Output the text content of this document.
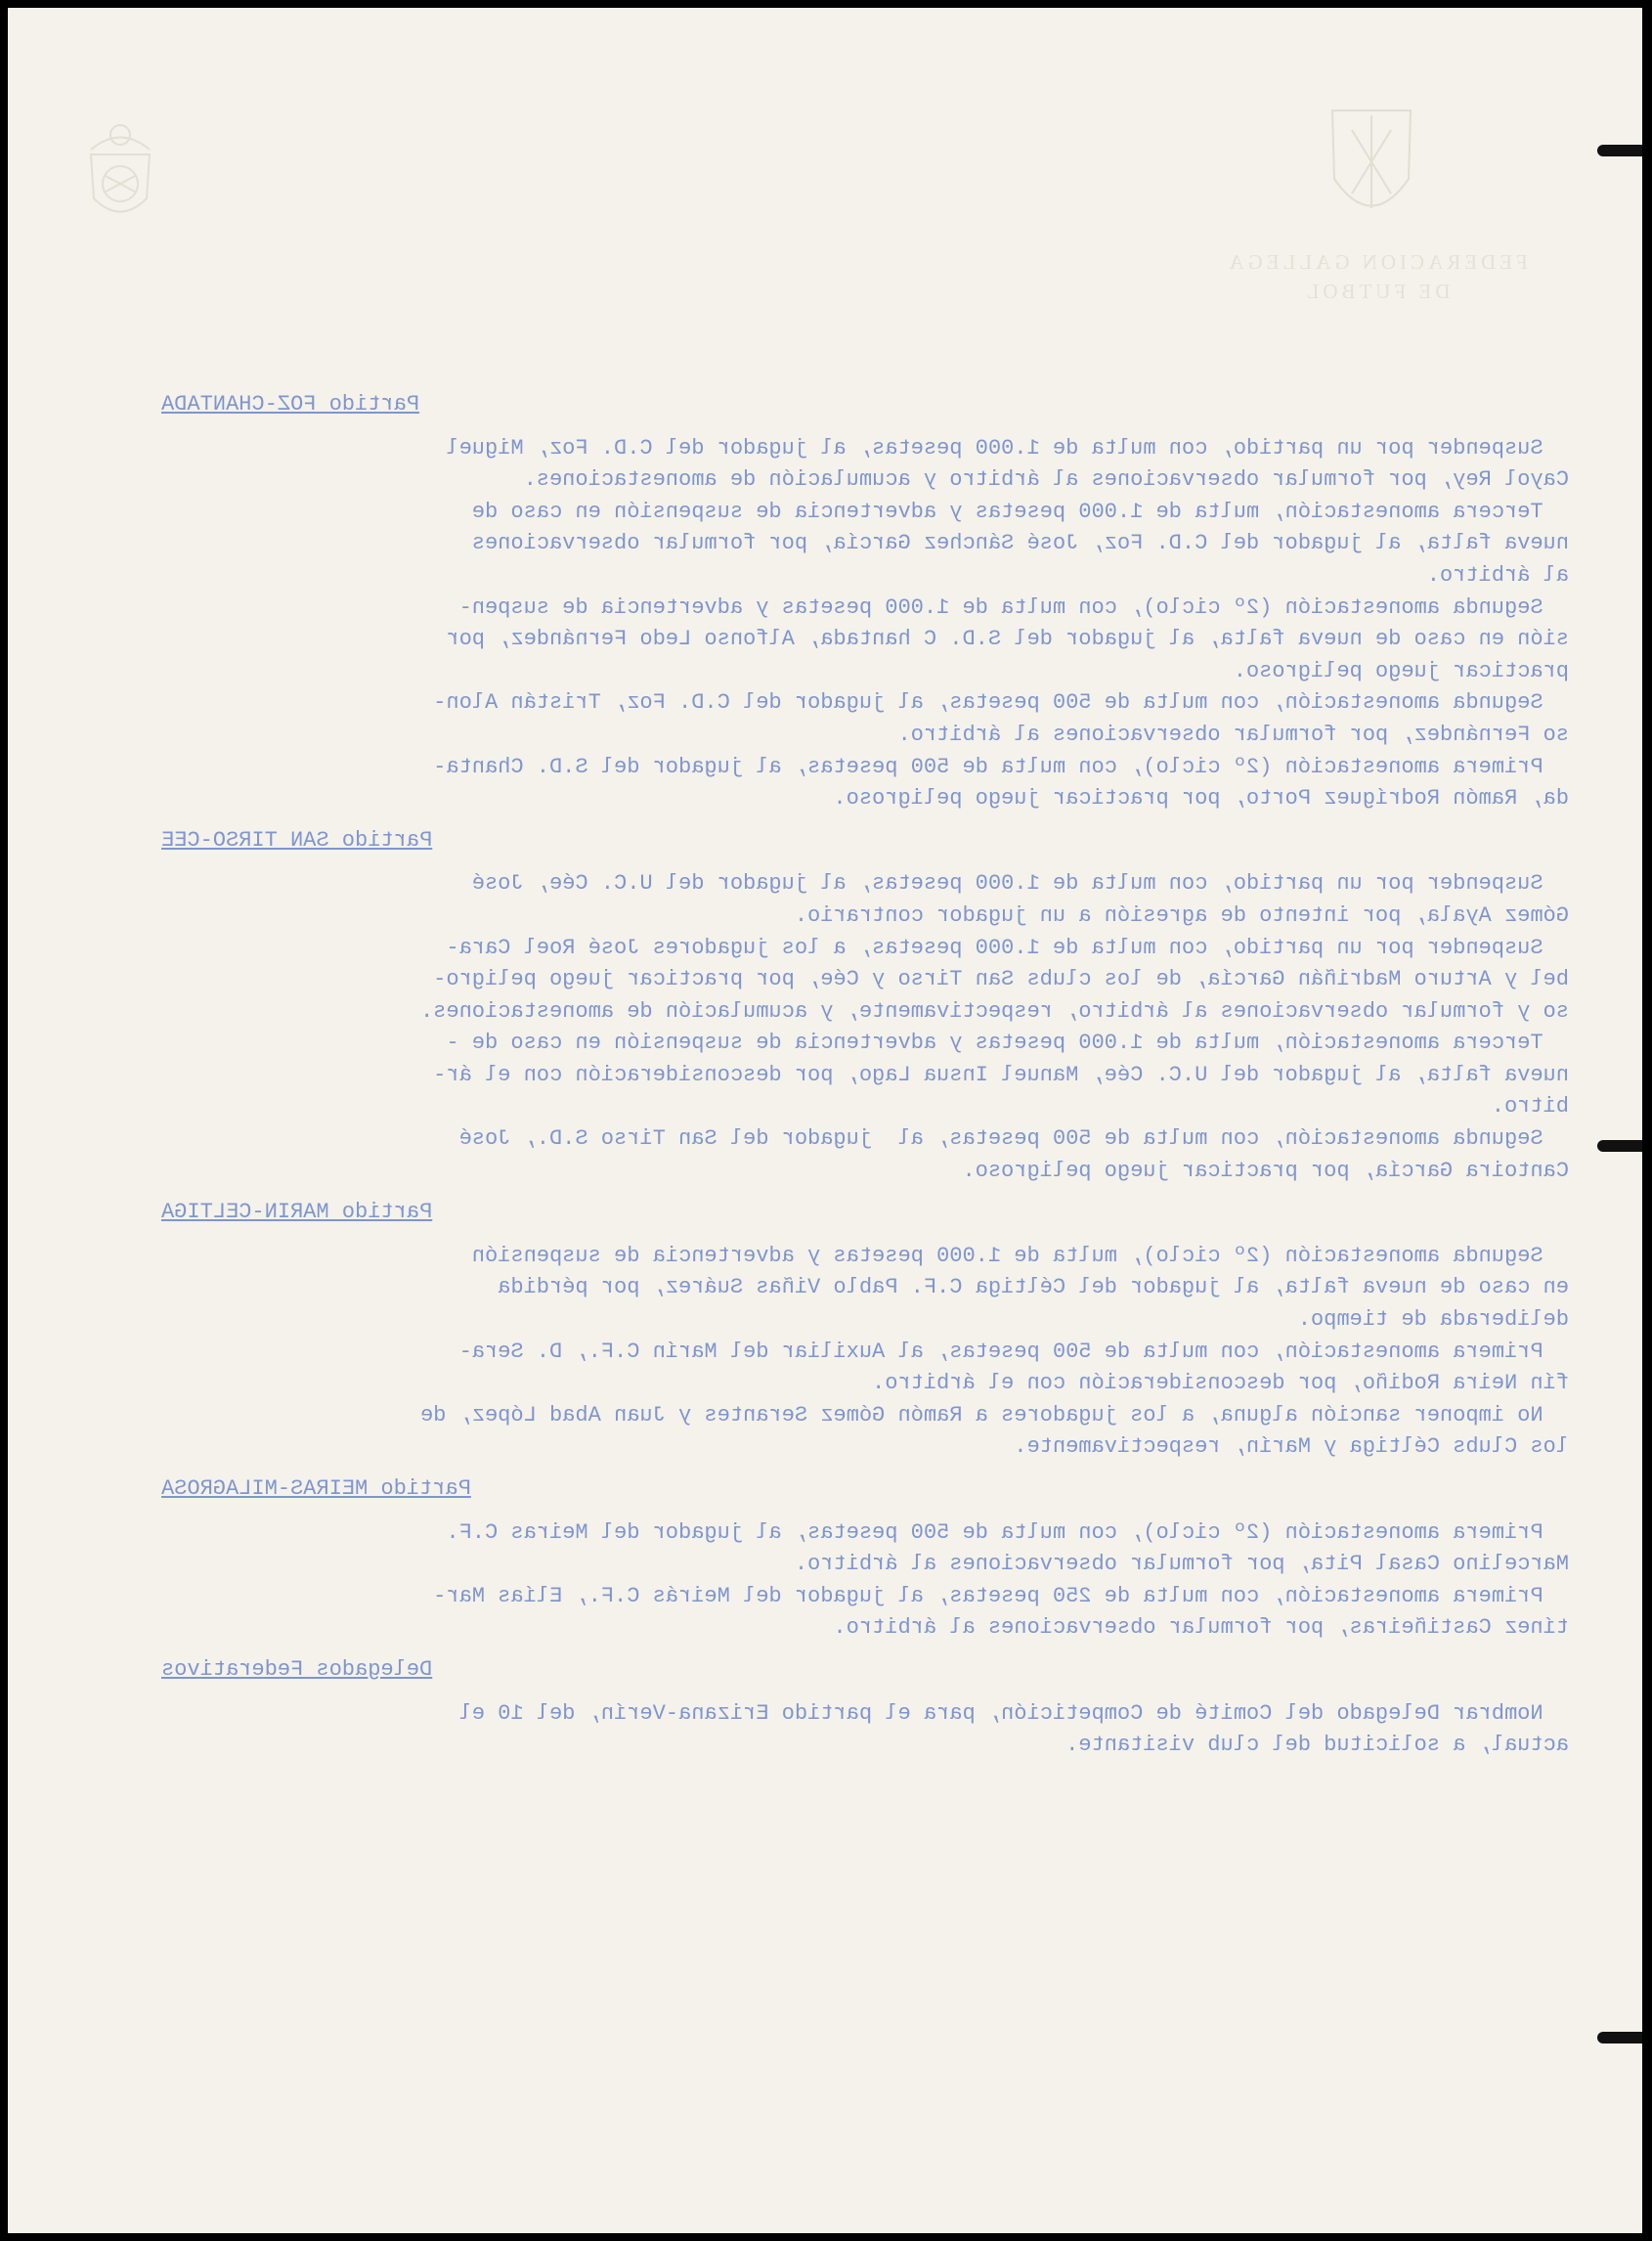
FEDERACION GALLEGA
DE FUTBOL
Partido FOZ-CHANTADA
Suspender por un partido, con multa de 1.000 pesetas, al jugador del C.D. Foz, Miguel
Cayol Rey, por formular observaciones al árbitro y acumulación de amonestaciones.
Tercera amonestación, multa de 1.000 pesetas y advertencia de suspensión en caso de
nueva falta, al jugador del C.D. Foz, José Sánchez García, por formular observaciones
al árbitro.
Segunda amonestación (2º ciclo), con multa de 1.000 pesetas y advertencia de suspen-
sión en caso de nueva falta, al jugador del S.D. C hantada, Alfonso Ledo Fernández, por
practicar juego peligroso.
Segunda amonestación, con multa de 500 pesetas, al jugador del C.D. Foz, Tristán Alon-
so Fernández, por formular observaciones al árbitro.
Primera amonestación (2º ciclo), con multa de 500 pesetas, al jugador del S.D. Chanta-
da, Ramón Rodríguez Porto, por practicar juego peligroso.
Partido SAN TIRSO-CEE
Suspender por un partido, con multa de 1.000 pesetas, al jugador del U.C. Cée, José
Gómez Ayala, por intento de agresión a un jugador contrario.
Suspender por un partido, con multa de 1.000 pesetas, a los jugadores José Roel Cara-
bel y Arturo Madriñán García, de los clubs San Tirso y Cée, por practicar juego peligro-
so y formular observaciones al árbitro, respectivamente, y acumulación de amonestaciones.
Tercera amonestación, multa de 1.000 pesetas y advertencia de suspensión en caso de -
nueva falta, al jugador del U.C. Cée, Manuel Insua Lago, por desconsideración con el ár-
bitro.
Segunda amonestación, con multa de 500 pesetas, al  jugador del San Tirso S.D., José
Cantoira García, por practicar juego peligroso.
Partido MARIN-CELTIGA
Segunda amonestación (2º ciclo), multa de 1.000 pesetas y advertencia de suspensión
en caso de nueva falta, al jugador del Céltiga C.F. Pablo Viñas Suárez, por pérdida
deliberada de tiempo.
Primera amonestación, con multa de 500 pesetas, al Auxiliar del Marín C.F., D. Sera-
fín Neira Rodiño, por desconsideración con el árbitro.
No imponer sanción alguna, a los jugadores a Ramón Gómez Serantes y Juan Abad López, de
los Clubs Céltiga y Marín, respectivamente.
Partido MEIRAS-MILAGROSA
Primera amonestación (2º ciclo), con multa de 500 pesetas, al jugador del Meiras C.F.
Marcelino Casal Pita, por formular observaciones al árbitro.
Primera amonestación, con multa de 250 pesetas, al jugador del Meirás C.F., Elías Mar-
tínez Castiñeiras, por formular observaciones al árbitro.
Delegados Federativos
Nombrar Delegado del Comité de Competición, para el partido Erizana-Verín, del 10 el
actual, a solicitud del club visitante.
